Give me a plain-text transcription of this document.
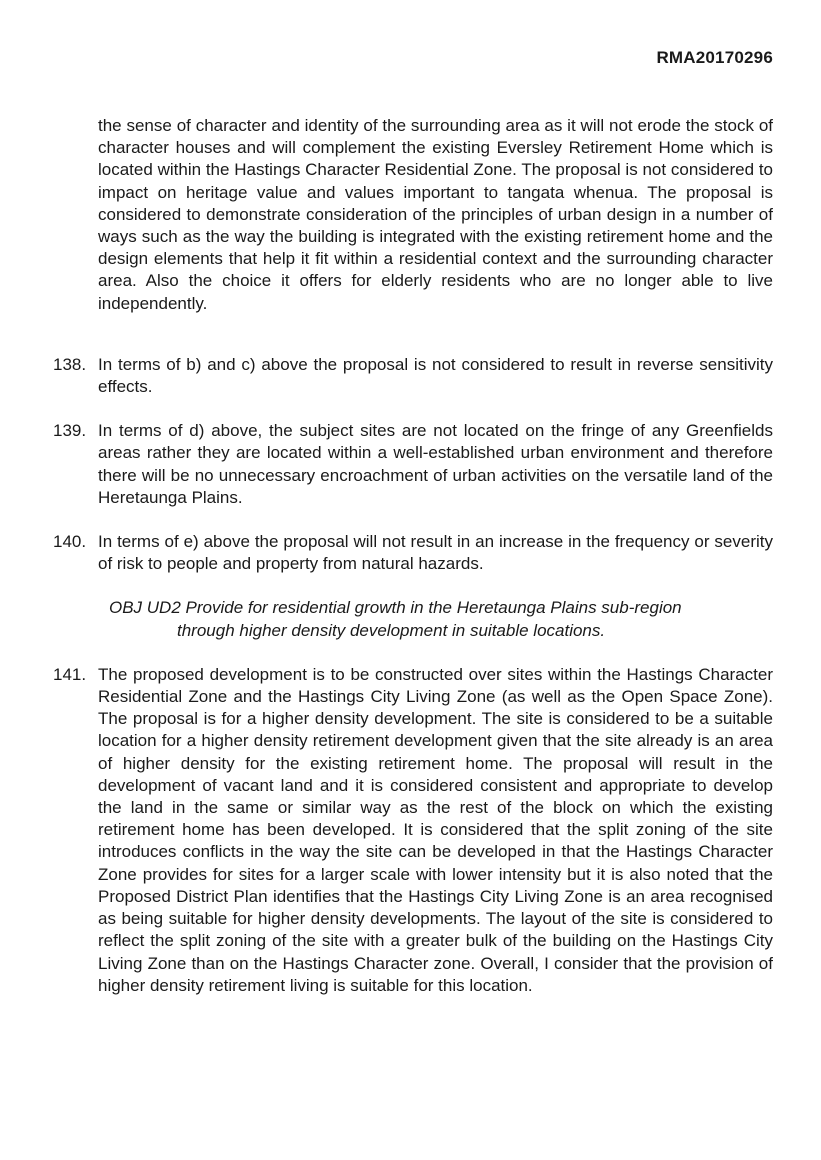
RMA20170296

the sense of character and identity of the surrounding area as it will not erode the stock of character houses and will complement the existing Eversley Retirement Home which is located within the Hastings Character Residential Zone. The proposal is not considered to impact on heritage value and values important to tangata whenua. The proposal is considered to demonstrate consideration of the principles of urban design in a number of ways such as the way the building is integrated with the existing retirement home and the design elements that help it fit within a residential context and the surrounding character area. Also the choice it offers for elderly residents who are no longer able to live independently.

138. In terms of b) and c) above the proposal is not considered to result in reverse sensitivity effects.
139. In terms of d) above, the subject sites are not located on the fringe of any Greenfields areas rather they are located within a well-established urban environment and therefore there will be no unnecessary encroachment of urban activities on the versatile land of the Heretaunga Plains.
140. In terms of e) above the proposal will not result in an increase in the frequency or severity of risk to people and property from natural hazards.

OBJ UD2 Provide for residential growth in the Heretaunga Plains sub-region
through higher density development in suitable locations.

141. The proposed development is to be constructed over sites within the Hastings Character Residential Zone and the Hastings City Living Zone (as well as the Open Space Zone). The proposal is for a higher density development. The site is considered to be a suitable location for a higher density retirement development given that the site already is an area of higher density for the existing retirement home. The proposal will result in the development of vacant land and it is considered consistent and appropriate to develop the land in the same or similar way as the rest of the block on which the existing retirement home has been developed. It is considered that the split zoning of the site introduces conflicts in the way the site can be developed in that the Hastings Character Zone provides for sites for a larger scale with lower intensity but it is also noted that the Proposed District Plan identifies that the Hastings City Living Zone is an area recognised as being suitable for higher density developments. The layout of the site is considered to reflect the split zoning of the site with a greater bulk of the building on the Hastings City Living Zone than on the Hastings Character zone. Overall, I consider that the provision of higher density retirement living is suitable for this location.
